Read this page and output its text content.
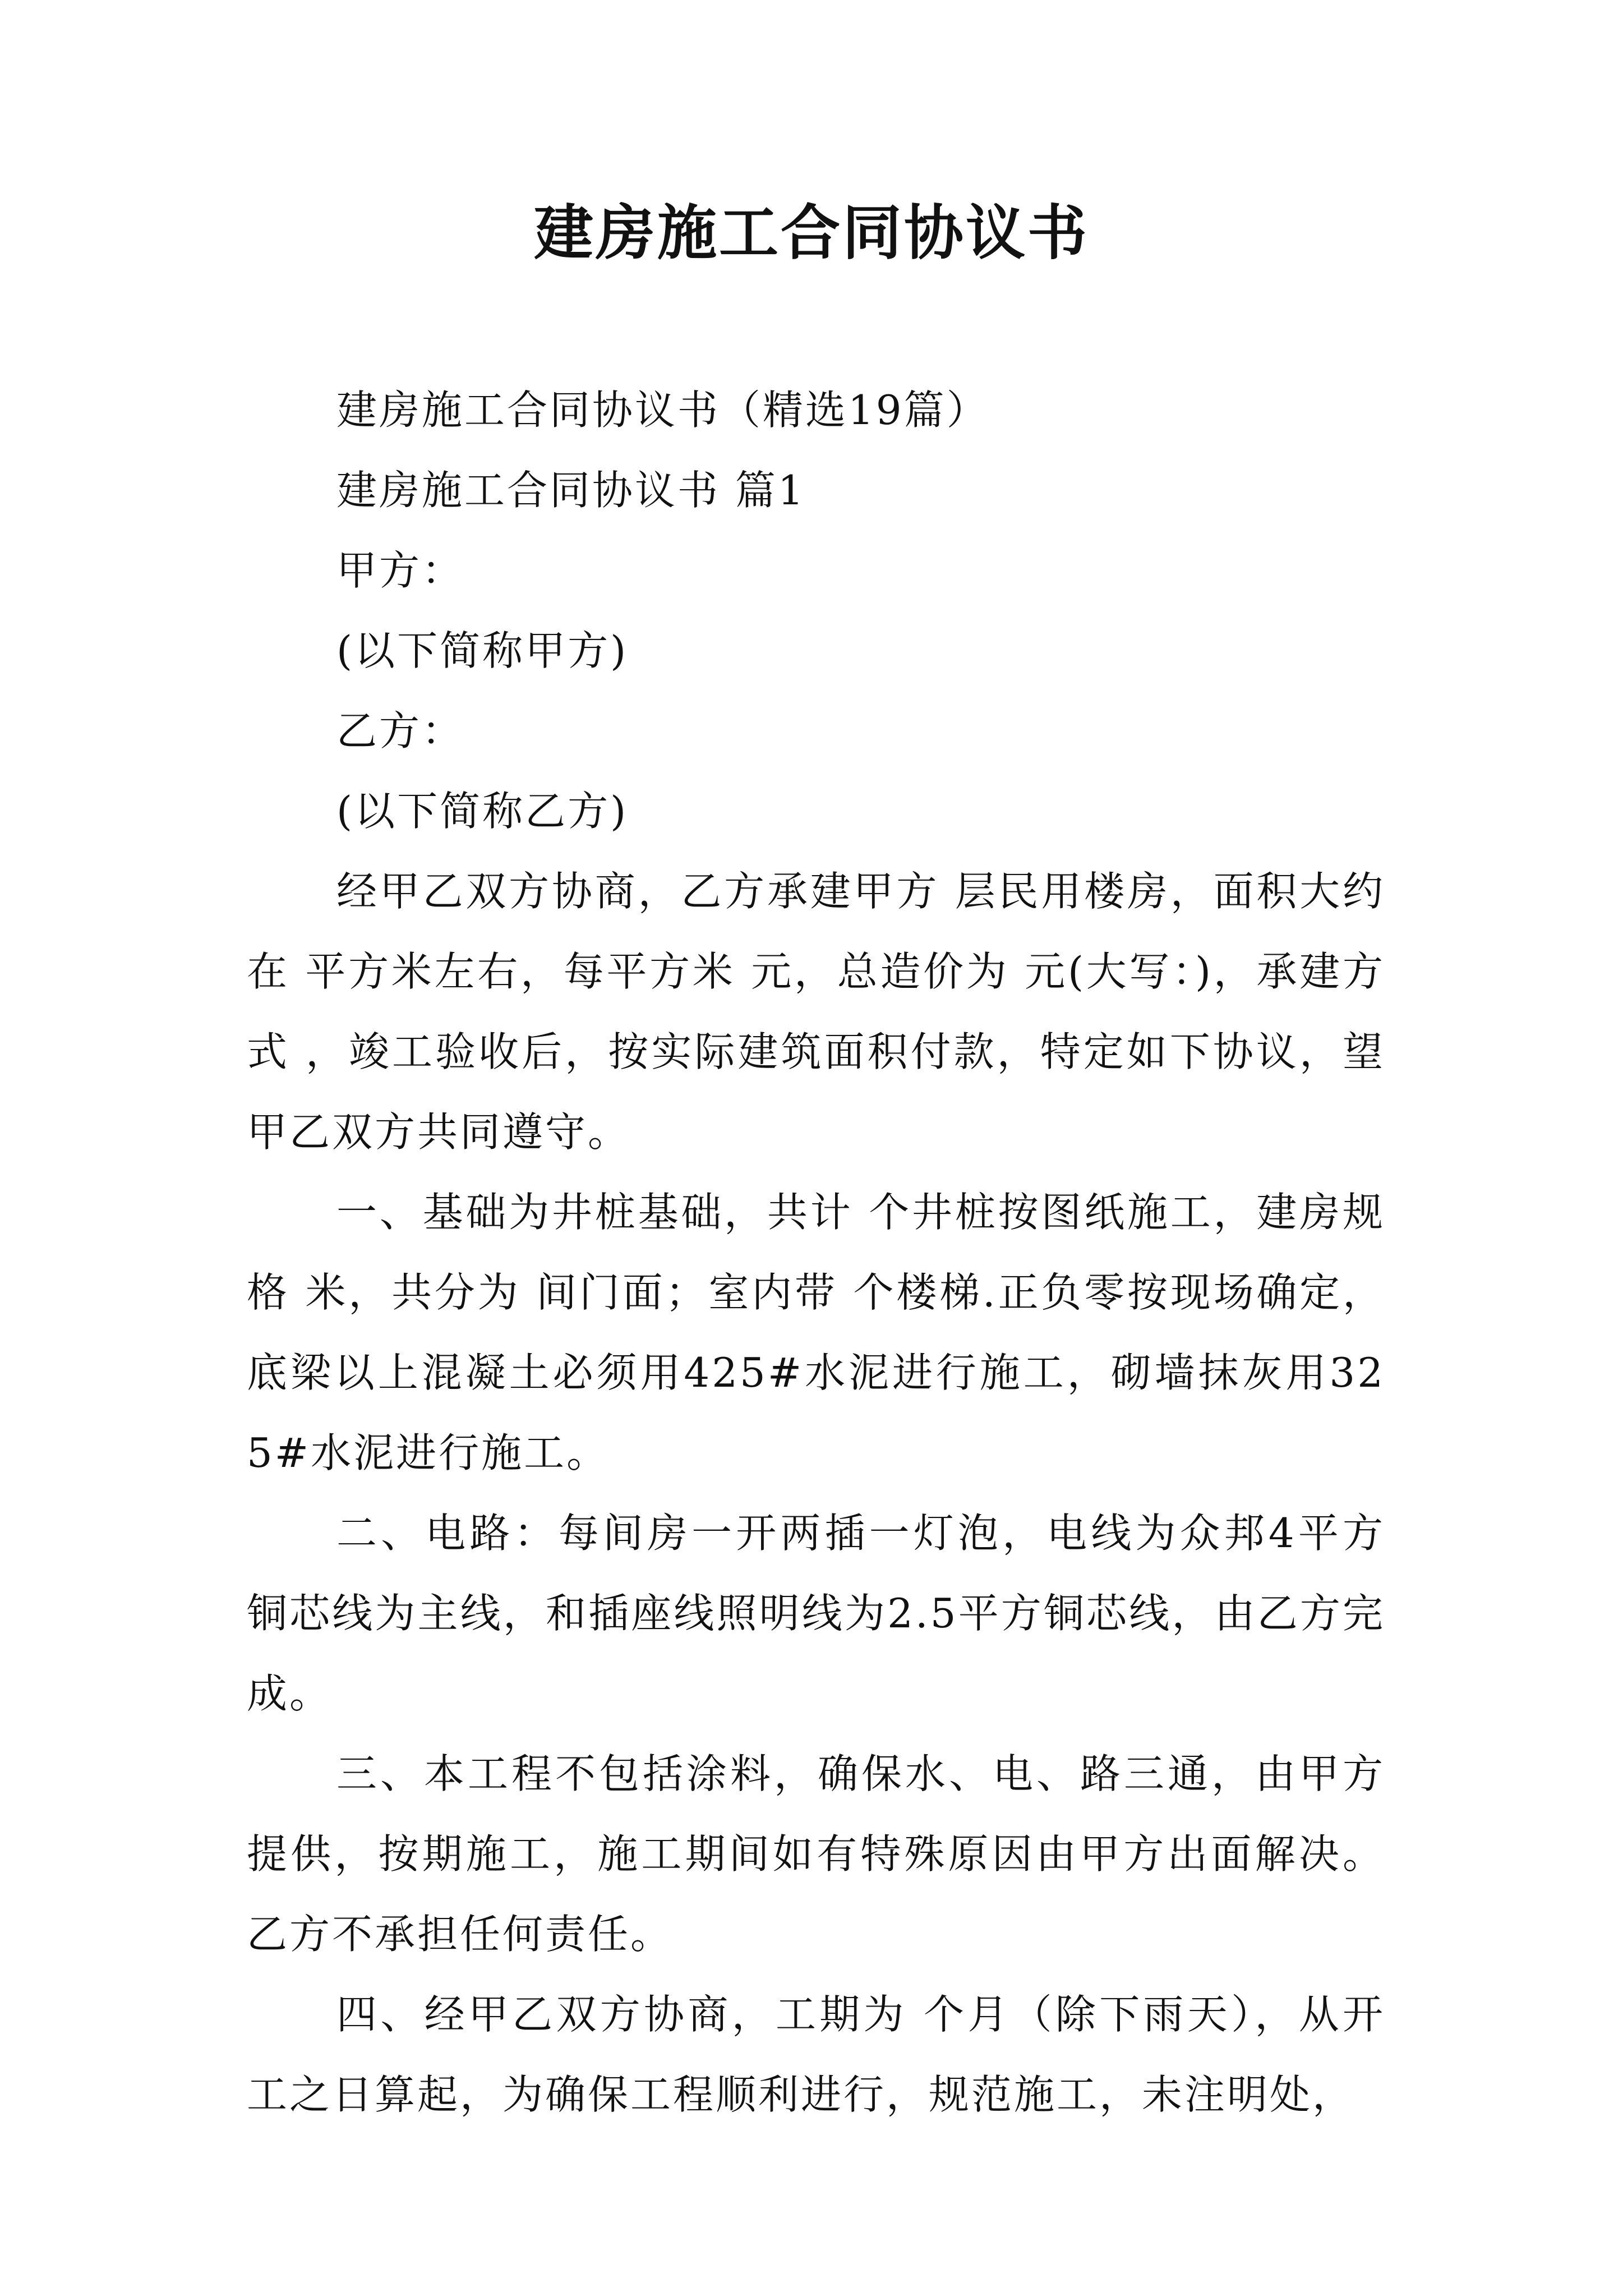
建房施工合同协议书

建房施工合同协议书（精选19篇）

建房施工合同协议书 篇1

甲方：

(以下简称甲方)

乙方：

(以下简称乙方)

经甲乙双方协商，乙方承建甲方 层民用楼房，面积大约在 平方米左右，每平方米 元，总造价为 元(大写：)，承建方式 ，竣工验收后，按实际建筑面积付款，特定如下协议，望甲乙双方共同遵守。

一、基础为井桩基础，共计 个井桩按图纸施工，建房规格 米，共分为 间门面；室内带 个楼梯.正负零按现场确定，底梁以上混凝土必须用425#水泥进行施工，砌墙抹灰用325#水泥进行施工。

二、电路：每间房一开两插一灯泡，电线为众邦4平方铜芯线为主线，和插座线照明线为2.5平方铜芯线，由乙方完成。

三、本工程不包括涂料，确保水、电、路三通，由甲方提供，按期施工，施工期间如有特殊原因由甲方出面解决。乙方不承担任何责任。

四、经甲乙双方协商，工期为 个月（除下雨天），从开工之日算起，为确保工程顺利进行，规范施工，未注明处，
